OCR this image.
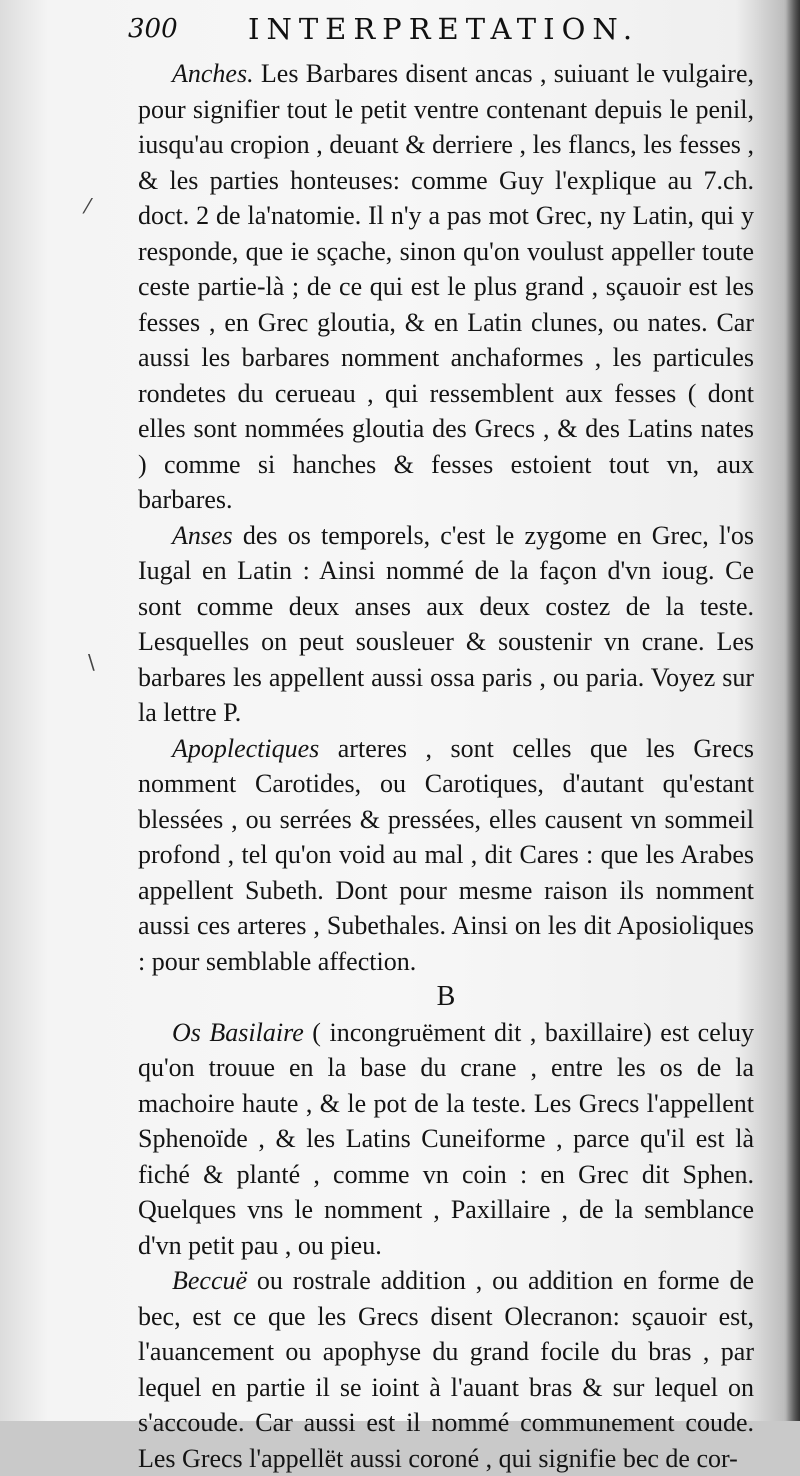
300 INTERPRETATION.
⁄
\

Anches. Les Barbares disent ancas , suiuant le vulgaire, pour signifier tout le petit ventre contenant depuis le penil, iusqu'au cropion , deuant & derriere , les flancs, les fesses , & les parties honteuses: comme Guy l'explique au 7.ch. doct. 2 de la'natomie. Il n'y a pas mot Grec, ny Latin, qui y responde, que ie sçache, sinon qu'on voulust appeller toute ceste partie-là ; de ce qui est le plus grand , sçauoir est les fesses , en Grec gloutia, & en Latin clunes, ou nates. Car aussi les barbares nomment anchaformes , les particules rondetes du cerueau , qui ressemblent aux fesses ( dont elles sont nommées gloutia des Grecs , & des Latins nates ) comme si hanches & fesses estoient tout vn, aux barbares.

Anses des os temporels, c'est le zygome en Grec, l'os Iugal en Latin : Ainsi nommé de la façon d'vn ioug. Ce sont comme deux anses aux deux costez de la teste. Lesquelles on peut sousleuer & soustenir vn crane. Les barbares les appellent aussi ossa paris , ou paria. Voyez sur la lettre P.

Apoplectiques arteres , sont celles que les Grecs nomment Carotides, ou Carotiques, d'autant qu'estant blessées , ou serrées & pressées, elles causent vn sommeil profond , tel qu'on void au mal , dit Cares : que les Arabes appellent Subeth. Dont pour mesme raison ils nomment aussi ces arteres , Subethales. Ainsi on les dit Aposioliques : pour semblable affection.

B

Os Basilaire ( incongruëment dit , baxillaire) est celuy qu'on trouue en la base du crane , entre les os de la machoire haute , & le pot de la teste. Les Grecs l'appellent Sphenoïde , & les Latins Cuneiforme , parce qu'il est là fiché & planté , comme vn coin : en Grec dit Sphen. Quelques vns le nomment , Paxillaire , de la semblance d'vn petit pau , ou pieu.

Beccuë ou rostrale addition , ou addition en forme de bec, est ce que les Grecs disent Olecranon: sçauoir est, l'auancement ou apophyse du grand focile du bras , par lequel en partie il se ioint à l'auant bras & sur lequel on s'accoude. Car aussi est il nommé communement coude. Les Grecs l'appellët aussi coroné , qui signifie bec de cor-
